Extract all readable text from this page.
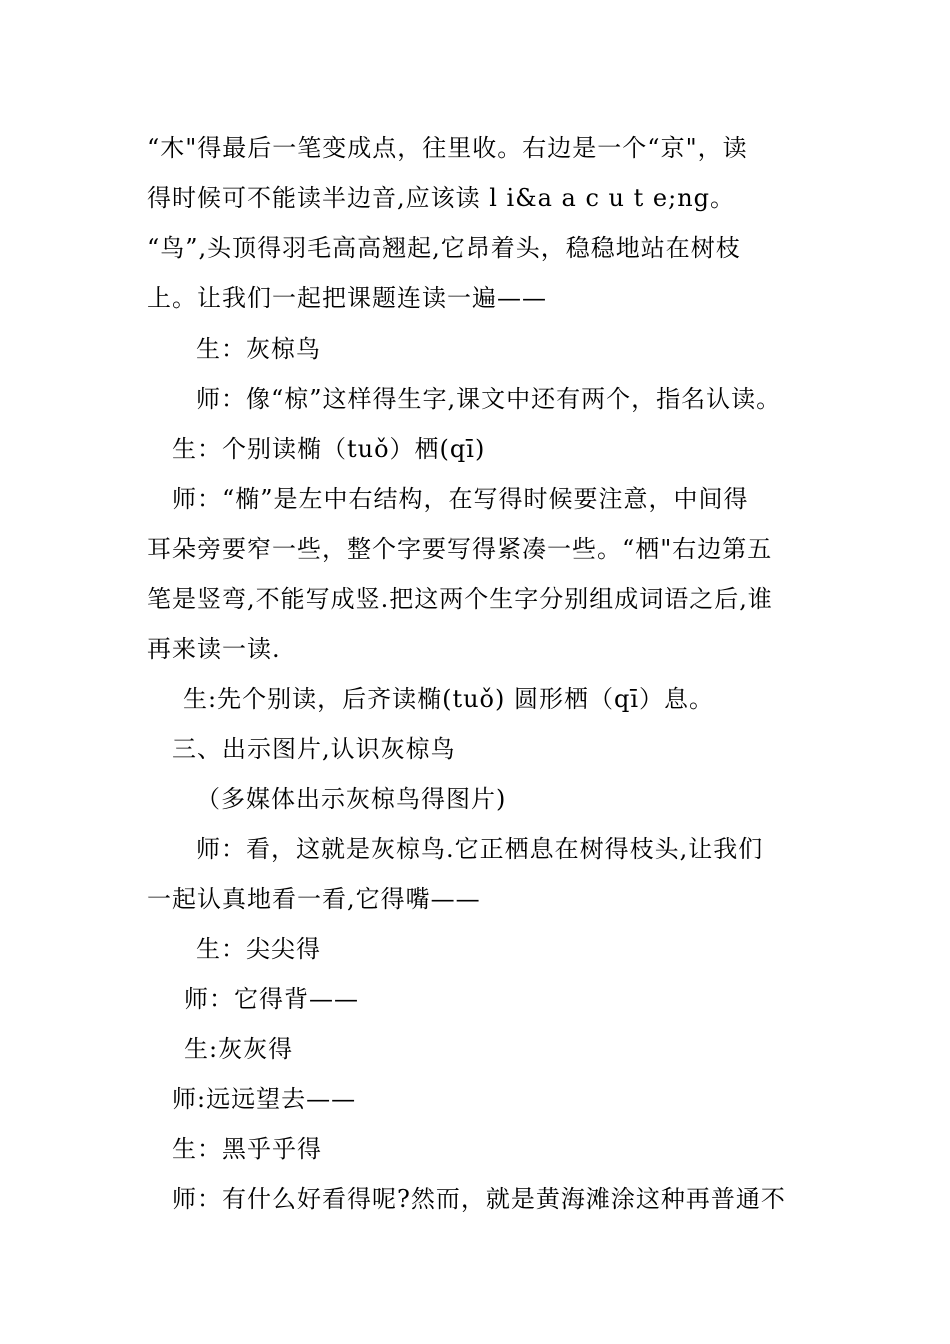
“木"得最后一笔变成点，往里收。右边是一个“京"，读
得时候可不能读半边音,应该读 l i&a a c u t e;ng。
“鸟”,头顶得羽毛高高翘起,它昂着头，稳稳地站在树枝
上。让我们一起把课题连读一遍——
生：灰椋鸟
师：像“椋”这样得生字,课文中还有两个，指名认读。
生：个别读椭（tuǒ）栖(qī)
师：“椭”是左中右结构，在写得时候要注意，中间得
耳朵旁要窄一些，整个字要写得紧凑一些。“栖"右边第五
笔是竖弯,不能写成竖.把这两个生字分别组成词语之后,谁
再来读一读.
生:先个别读，后齐读椭(tuǒ) 圆形栖（qī）息。
三、出示图片,认识灰椋鸟
（多媒体出示灰椋鸟得图片)
师：看，这就是灰椋鸟.它正栖息在树得枝头,让我们
一起认真地看一看,它得嘴——
生：尖尖得
师：它得背——
生:灰灰得
师:远远望去——
生：黑乎乎得
师：有什么好看得呢?然而，就是黄海滩涂这种再普通不
